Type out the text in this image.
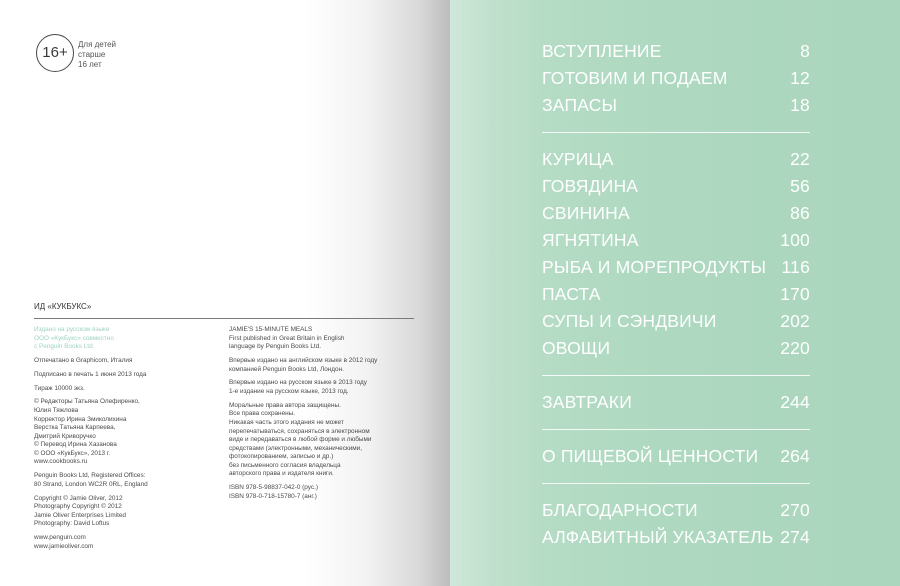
16+	Для детей
старше
16 лет
ИД «КУКБУКС»

Издано на русском языке
ООО «КукБукс» совместно
с Penguin Books Ltd.

Отпечатано в Graphicom, Италия

Подписано в печать 1 июня 2013 года

Тираж 10000 экз.

© Редакторы Татьяна Олефиренко,
Юлия Тяжлова
Корректор Ирина Змиколихина
Верстка Татьяна Карпеева,
Дмитрий Криворучко
© Перевод Ирина Хазанова
© ООО «КукБукс», 2013 г.
www.cookbooks.ru

Penguin Books Ltd, Registered Offices:
80 Strand, London WC2R 0RL, England

Copyright © Jamie Oliver, 2012
Photography Copyright © 2012
Jamie Oliver Enterprises Limited
Photography: David Loftus

www.penguin.com
www.jamieoliver.com

JAMIE'S 15-MINUTE MEALS
First published in Great Britain in English
language by Penguin Books Ltd.

Впервые издано на английском языке в 2012 году
компанией Penguin Books Ltd, Лондон.

Впервые издано на русском языке в 2013 году
1-е издание на русском языке, 2013 год.

Моральные права автора защищены.
Все права сохранены.
Никакая часть этого издания не может
перепечатываться, сохраняться в электронном
виде и передаваться в любой форме и любыми
средствами (электронными, механическими,
фотокопированием, записью и др.)
без письменного согласия владельца
авторского права и издателя книги.

ISBN 978-5-98837-042-0 (рус.)
ISBN 978-0-718-15780-7 (анг.)

ВСТУПЛЕНИЕ	8
ГОТОВИМ И ПОДАЕМ	12
ЗАПАСЫ	18
КУРИЦА	22
ГОВЯДИНА	56
СВИНИНА	86
ЯГНЯТИНА	100
РЫБА И МОРЕПРОДУКТЫ 116
ПАСТА	170
СУПЫ И СЭНДВИЧИ	202
ОВОЩИ	220
ЗАВТРАКИ	244
О ПИЩЕВОЙ ЦЕННОСТИ 264
БЛАГОДАРНОСТИ	270
АЛФАВИТНЫЙ УКАЗАТЕЛЬ 274
